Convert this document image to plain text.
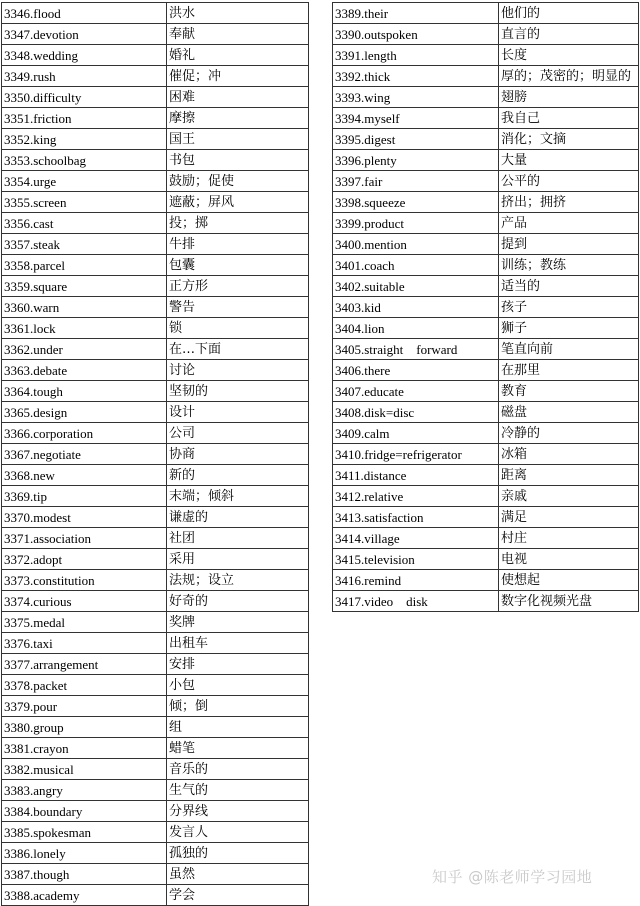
3346.flood	洪水
3347.devotion	奉献
3348.wedding	婚礼
3349.rush	催促；冲
3350.difficulty	困难
3351.friction	摩擦
3352.king	国王
3353.schoolbag	书包
3354.urge	鼓励；促使
3355.screen	遮蔽；屏风
3356.cast	投；掷
3357.steak	牛排
3358.parcel	包囊
3359.square	正方形
3360.warn	警告
3361.lock	锁
3362.under	在…下面
3363.debate	讨论
3364.tough	坚韧的
3365.design	设计
3366.corporation	公司
3367.negotiate	协商
3368.new	新的
3369.tip	末端；倾斜
3370.modest	谦虚的
3371.association	社团
3372.adopt	采用
3373.constitution	法规；设立
3374.curious	好奇的
3375.medal	奖牌
3376.taxi	出租车
3377.arrangement	安排
3378.packet	小包
3379.pour	倾；倒
3380.group	组
3381.crayon	蜡笔
3382.musical	音乐的
3383.angry	生气的
3384.boundary	分界线
3385.spokesman	发言人
3386.lonely	孤独的
3387.though	虽然
3388.academy	学会
3389.their	他们的
3390.outspoken	直言的
3391.length	长度
3392.thick	厚的；茂密的；明显的
3393.wing	翅膀
3394.myself	我自己
3395.digest	消化；文摘
3396.plenty	大量
3397.fair	公平的
3398.squeeze	挤出；拥挤
3399.product	产品
3400.mention	提到
3401.coach	训练；教练
3402.suitable	适当的
3403.kid	孩子
3404.lion	狮子
3405.straight　forward	笔直向前
3406.there	在那里
3407.educate	教育
3408.disk=disc	磁盘
3409.calm	冷静的
3410.fridge=refrigerator	冰箱
3411.distance	距离
3412.relative	亲戚
3413.satisfaction	满足
3414.village	村庄
3415.television	电视
3416.remind	使想起
3417.video　disk	数字化视频光盘
知乎 @陈老师学习园地
